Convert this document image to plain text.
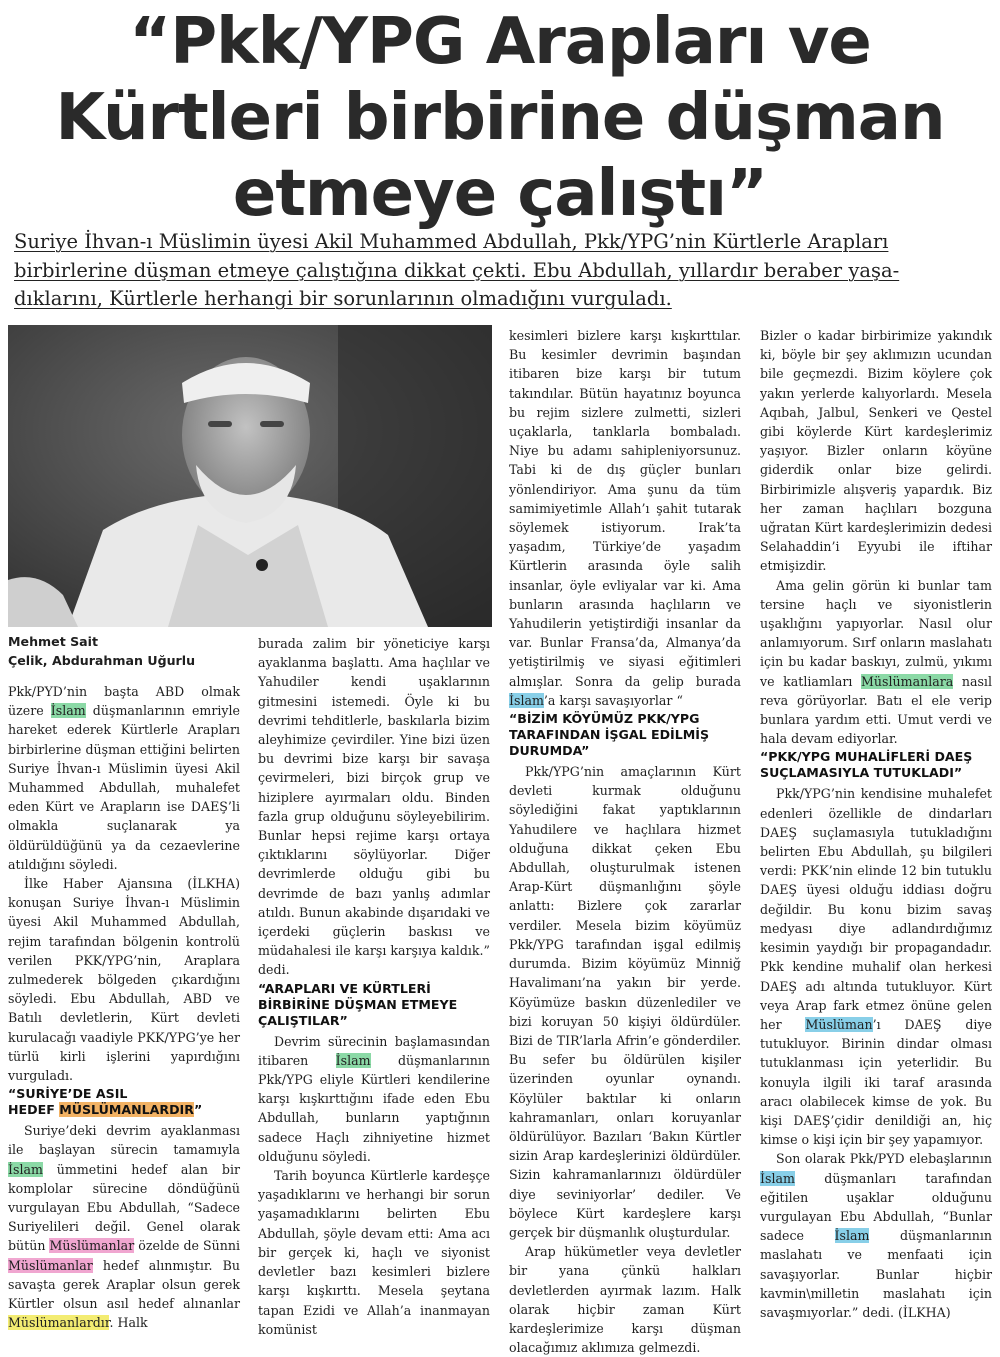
“Pkk/YPG Arapları ve
Kürtleri birbirine düşman
etmeye çalıştı”
Suriye İhvan-ı Müslimin üyesi Akil Muhammed Abdullah, Pkk/YPG’nin Kürtlerle Arapları
birbirlerine düşman etmeye çalıştığına dikkat çekti. Ebu Abdullah, yıllardır beraber yaşa-
dıklarını, Kürtlerle herhangi bir sorunlarının olmadığını vurguladı.
Mehmet Sait
Çelik, Abdurahman Uğurlu

Pkk/PYD’nin başta ABD olmak üzere İslam düşmanlarının emriyle hareket ederek Kürtlerle Arapları birbirlerine düşman ettiğini belirten Suriye İhvan-ı Müslimin üyesi Akil Muhammed Abdullah, muhalefet eden Kürt ve Arapların ise DAEŞ’li olmakla suçlanarak ya öldürüldüğünü ya da cezaevlerine atıldığını söyledi.

İlke Haber Ajansına (İLKHA) konuşan Suriye İhvan-ı Müslimin üyesi Akil Muhammed Abdullah, rejim tarafından bölgenin kontrolü verilen PKK/YPG’nin, Araplara zulmederek bölgeden çıkardığını söyledi. Ebu Abdullah, ABD ve Batılı devletlerin, Kürt devleti kurulacağı vaadiyle PKK/YPG’ye her türlü kirli işlerini yapırdığını vurguladı.

“SURİYE’DE ASIL
HEDEF MÜSLÜMANLARDIR”

Suriye’deki devrim ayaklanması ile başlayan sürecin tamamıyla İslam ümmetini hedef alan bir komplolar sürecine döndüğünü vurgulayan Ebu Abdullah, “Sadece Suriyelileri değil. Genel olarak bütün Müslümanlar özelde de Sünni Müslümanlar hedef alınmıştır. Bu savaşta gerek Araplar olsun gerek Kürtler olsun asıl hedef alınanlar Müslümanlardır. Halk

burada zalim bir yöneticiye karşı ayaklanma başlattı. Ama haçlılar ve Yahudiler kendi uşaklarının gitmesini istemedi. Öyle ki bu devrimi tehditlerle, baskılarla bizim aleyhimize çevirdiler. Yine bizi üzen bu devrimi bize karşı bir savaşa çevirmeleri, bizi birçok grup ve hiziplere ayırmaları oldu. Binden fazla grup olduğunu söyleyebilirim. Bunlar hepsi rejime karşı ortaya çıktıklarını söylüyorlar. Diğer devrimlerde olduğu gibi bu devrimde de bazı yanlış adımlar atıldı. Bunun akabinde dışarıdaki ve içerdeki güçlerin baskısı ve müdahalesi ile karşı karşıya kaldık.” dedi.

“ARAPLARI VE KÜRTLERİ BİRBİRİNE DÜŞMAN ETMEYE ÇALIŞTILAR”

Devrim sürecinin başlamasından itibaren İslam düşmanlarının Pkk/YPG eliyle Kürtleri kendilerine karşı kışkırttığını ifade eden Ebu Abdullah, bunların yaptığının sadece Haçlı zihniyetine hizmet olduğunu söyledi.

Tarih boyunca Kürtlerle kardeşçe yaşadıklarını ve herhangi bir sorun yaşamadıklarını belirten Ebu Abdullah, şöyle devam etti: Ama acı bir gerçek ki, haçlı ve siyonist devletler bazı kesimleri bizlere karşı kışkırttı. Mesela şeytana tapan Ezidi ve Allah’a inanmayan komünist

kesimleri bizlere karşı kışkırttılar. Bu kesimler devrimin başından itibaren bize karşı bir tutum takındılar. Bütün hayatınız boyunca bu rejim sizlere zulmetti, sizleri uçaklarla, tanklarla bombaladı. Niye bu adamı sahipleniyorsunuz. Tabi ki de dış güçler bunları yönlendiriyor. Ama şunu da tüm samimiyetimle Allah’ı şahit tutarak söylemek istiyorum. Irak’ta yaşadım, Türkiye’de yaşadım Kürtlerin arasında öyle salih insanlar, öyle evliyalar var ki. Ama bunların arasında haçlıların ve Yahudilerin yetiştirdiği insanlar da var. Bunlar Fransa’da, Almanya’da yetiştirilmiş ve siyasi eğitimleri almışlar. Sonra da gelip burada İslam’a karşı savaşıyorlar “

“BİZİM KÖYÜMÜZ PKK/YPG TARAFINDAN İŞGAL EDİLMİŞ DURUMDA”

Pkk/YPG’nin amaçlarının Kürt devleti kurmak olduğunu söylediğini fakat yaptıklarının Yahudilere ve haçlılara hizmet olduğuna dikkat çeken Ebu Abdullah, oluşturulmak istenen Arap-Kürt düşmanlığını şöyle anlattı: Bizlere çok zararlar verdiler. Mesela bizim köyümüz Pkk/YPG tarafından işgal edilmiş durumda. Bizim köyümüz Minniğ Havalimanı’na yakın bir yerde. Köyümüze baskın düzenlediler ve bizi koruyan 50 kişiyi öldürdüler. Bizi de TIR’larla Afrin’e gönderdiler. Bu sefer bu öldürülen kişiler üzerinden oyunlar oynandı. Köylüler baktılar ki onların kahramanları, onları koruyanlar öldürülüyor. Bazıları ‘Bakın Kürtler sizin Arap kardeşlerinizi öldürdüler. Sizin kahramanlarınızı öldürdüler diye seviniyorlar’ dediler. Ve böylece Kürt kardeşlere karşı gerçek bir düşmanlık oluşturdular.

Arap hükümetler veya devletler bir yana çünkü halkları devletlerden ayırmak lazım. Halk olarak hiçbir zaman Kürt kardeşlerimize karşı düşman olacağımız aklımıza gelmezdi.

Bizler o kadar birbirimize yakındık ki, böyle bir şey aklımızın ucundan bile geçmezdi. Bizim köylere çok yakın yerlerde kalıyorlardı. Mesela Aqıbah, Jalbul, Senkeri ve Qestel gibi köylerde Kürt kardeşlerimiz yaşıyor. Bizler onların köyüne giderdik onlar bize gelirdi. Birbirimizle alışveriş yapardık. Biz her zaman haçlıları bozguna uğratan Kürt kardeşlerimizin dedesi Selahaddin’i Eyyubi ile iftihar etmişizdir.

Ama gelin görün ki bunlar tam tersine haçlı ve siyonistlerin uşaklığını yapıyorlar. Nasıl olur anlamıyorum. Sırf onların maslahatı için bu kadar baskıyı, zulmü, yıkımı ve katliamları Müslümanlara nasıl reva görüyorlar. Batı el ele verip bunlara yardım etti. Umut verdi ve hala devam ediyorlar.

“PKK/YPG MUHALİFLERİ DAEŞ SUÇLAMASIYLA TUTUKLADI”

Pkk/YPG’nin kendisine muhalefet edenleri özellikle de dindarları DAEŞ suçlamasıyla tutukladığını belirten Ebu Abdullah, şu bilgileri verdi: PKK’nin elinde 12 bin tutuklu DAEŞ üyesi olduğu iddiası doğru değildir. Bu konu bizim savaş medyası diye adlandırdığımız kesimin yaydığı bir propagandadır. Pkk kendine muhalif olan herkesi DAEŞ adı altında tutukluyor. Kürt veya Arap fark etmez önüne gelen her Müslüman’ı DAEŞ diye tutukluyor. Birinin dindar olması tutuklanması için yeterlidir. Bu konuyla ilgili iki taraf arasında aracı olabilecek kimse de yok. Bu kişi DAEŞ’çidir denildiği an, hiç kimse o kişi için bir şey yapamıyor.

Son olarak Pkk/PYD elebaşlarının İslam düşmanları tarafından eğitilen uşaklar olduğunu vurgulayan Ebu Abdullah, “Bunlar sadece İslam düşmanlarının maslahatı ve menfaati için savaşıyorlar. Bunlar hiçbir kavmin\milletin maslahatı için savaşmıyorlar.” dedi. (İLKHA)
